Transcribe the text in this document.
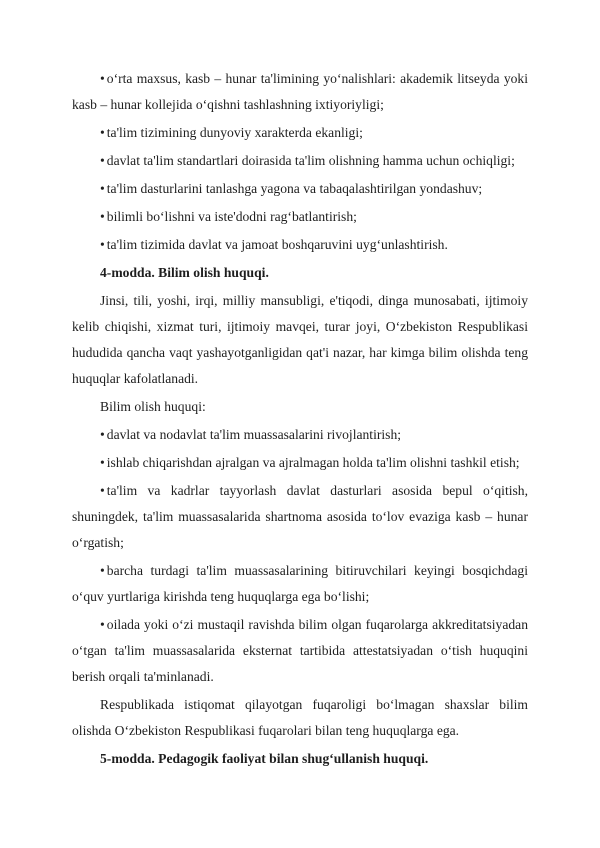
• o‘rta maxsus, kasb – hunar ta'limining yo‘nalishlari: akademik litseyda yoki kasb – hunar kollejida o‘qishni tashlashning ixtiyoriyligi;

• ta'lim tizimining dunyoviy xarakterda ekanligi;

• davlat ta'lim standartlari doirasida ta'lim olishning hamma uchun ochiqligi;

• ta'lim dasturlarini tanlashga yagona va tabaqalashtirilgan yondashuv;

• bilimli bo‘lishni va iste'dodni rag‘batlantirish;

• ta'lim tizimida davlat va jamoat boshqaruvini uyg‘unlashtirish.

4-modda. Bilim olish huquqi.

Jinsi, tili, yoshi, irqi, milliy mansubligi, e'tiqodi, dinga munosabati, ijtimoiy kelib chiqishi, xizmat turi, ijtimoiy mavqei, turar joyi, O‘zbekiston Respublikasi hududida qancha vaqt yashayotganligidan qat'i nazar, har kimga bilim olishda teng huquqlar kafolatlanadi.

Bilim olish huquqi:

• davlat va nodavlat ta'lim muassasalarini rivojlantirish;

• ishlab chiqarishdan ajralgan va ajralmagan holda ta'lim olishni tashkil etish;

• ta'lim va kadrlar tayyorlash davlat dasturlari asosida bepul o‘qitish, shuningdek, ta'lim muassasalarida shartnoma asosida to‘lov evaziga kasb – hunar o‘rgatish;

• barcha turdagi ta'lim muassasalarining bitiruvchilari keyingi bosqichdagi o‘quv yurtlariga kirishda teng huquqlarga ega bo‘lishi;

• oilada yoki o‘zi mustaqil ravishda bilim olgan fuqarolarga akkreditatsiyadan o‘tgan ta'lim muassasalarida eksternat tartibida attestatsiyadan o‘tish huquqini berish orqali ta'minlanadi.

Respublikada istiqomat qilayotgan fuqaroligi bo‘lmagan shaxslar bilim olishda O‘zbekiston Respublikasi fuqarolari bilan teng huquqlarga ega.

5-modda. Pedagogik faoliyat bilan shug‘ullanish huquqi.
